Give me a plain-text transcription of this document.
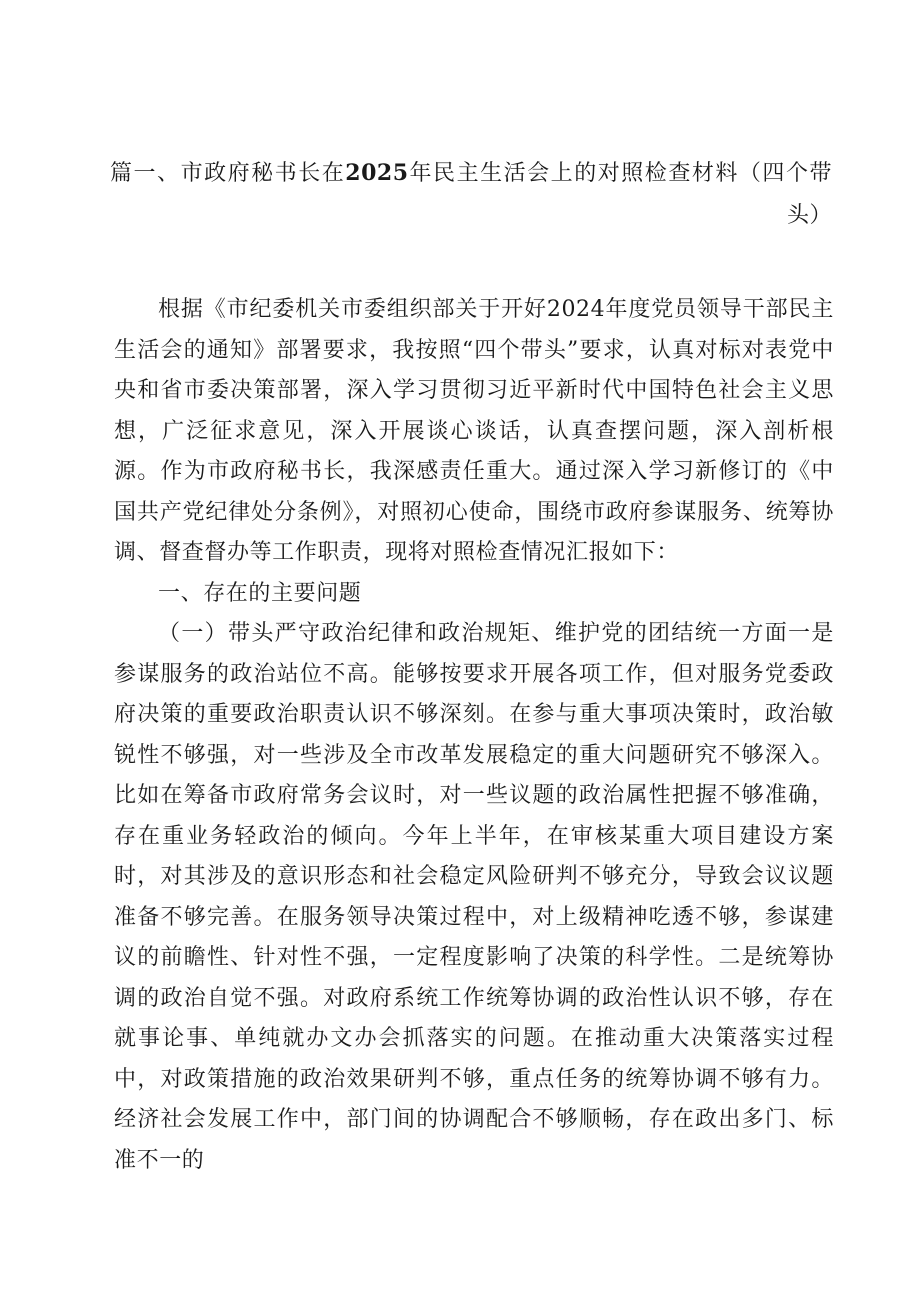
篇一、市政府秘书长在2025年民主生活会上的对照检查材料（四个带头）

根据《市纪委机关市委组织部关于开好2024年度党员领导干部民主生活会的通知》部署要求，我按照“四个带头”要求，认真对标对表党中央和省市委决策部署，深入学习贯彻习近平新时代中国特色社会主义思想，广泛征求意见，深入开展谈心谈话，认真查摆问题，深入剖析根源。作为市政府秘书长，我深感责任重大。通过深入学习新修订的《中国共产党纪律处分条例》，对照初心使命，围绕市政府参谋服务、统筹协调、督查督办等工作职责，现将对照检查情况汇报如下：

一、存在的主要问题

（一）带头严守政治纪律和政治规矩、维护党的团结统一方面一是参谋服务的政治站位不高。能够按要求开展各项工作，但对服务党委政府决策的重要政治职责认识不够深刻。在参与重大事项决策时，政治敏锐性不够强，对一些涉及全市改革发展稳定的重大问题研究不够深入。比如在筹备市政府常务会议时，对一些议题的政治属性把握不够准确，存在重业务轻政治的倾向。今年上半年，在审核某重大项目建设方案时，对其涉及的意识形态和社会稳定风险研判不够充分，导致会议议题准备不够完善。在服务领导决策过程中，对上级精神吃透不够，参谋建议的前瞻性、针对性不强，一定程度影响了决策的科学性。二是统筹协调的政治自觉不强。对政府系统工作统筹协调的政治性认识不够，存在就事论事、单纯就办文办会抓落实的问题。在推动重大决策落实过程中，对政策措施的政治效果研判不够，重点任务的统筹协调不够有力。经济社会发展工作中，部门间的协调配合不够顺畅，存在政出多门、标准不一的
